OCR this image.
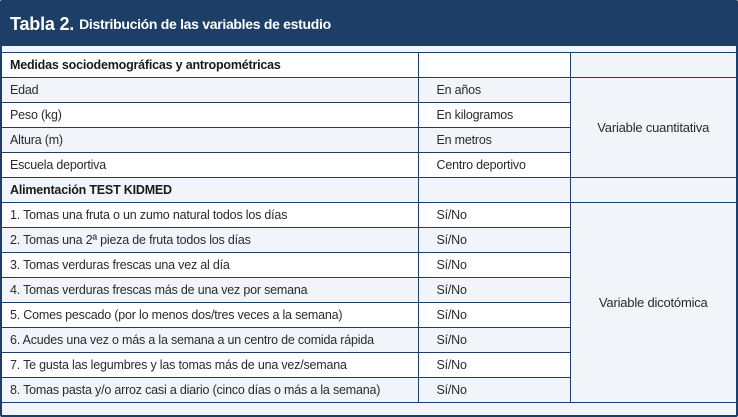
Tabla 2. Distribución de las variables de estudio
Medidas sociodemográficas y antropométricas		
Edad	En años	Variable cuantitativa
Peso (kg)	En kilogramos	
Altura (m)	En metros	
Escuela deportiva	Centro deportivo	
Alimentación TEST KIDMED		
1. Tomas una fruta o un zumo natural todos los días	Sí/No	Variable dicotómica
2. Tomas una 2ª pieza de fruta todos los días	Sí/No	
3. Tomas verduras frescas una vez al día	Sí/No	
4. Tomas verduras frescas más de una vez por semana	Sí/No	
5. Comes pescado (por lo menos dos/tres veces a la semana)	Sí/No	
6. Acudes una vez o más a la semana a un centro de comida rápida	Sí/No	
7. Te gusta las legumbres y las tomas más de una vez/semana	Sí/No	
8. Tomas pasta y/o arroz casi a diario (cinco días o más a la semana)	Sí/No	
